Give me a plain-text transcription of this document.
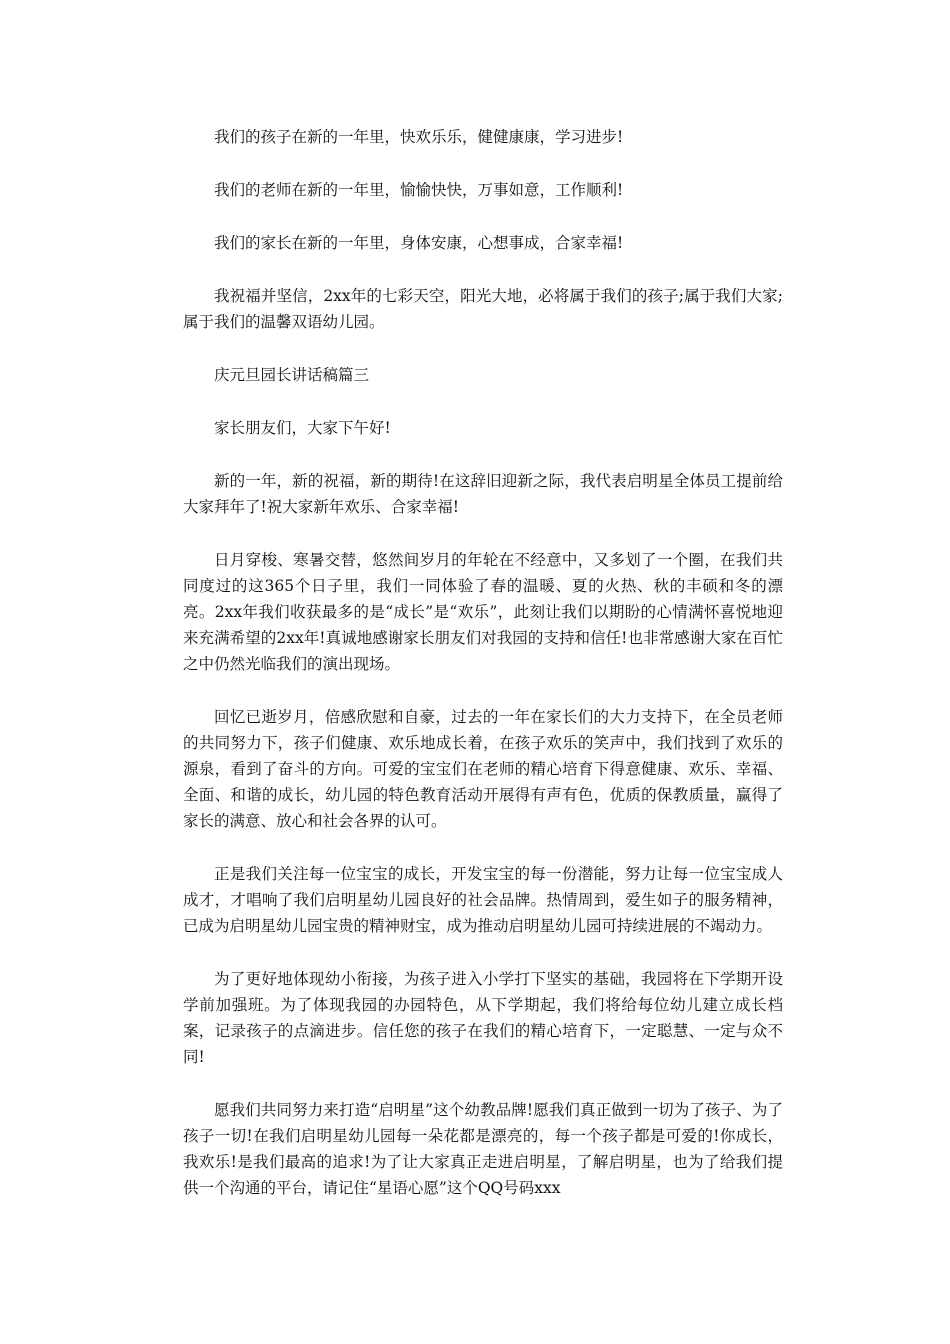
我们的孩子在新的一年里，快欢乐乐，健健康康，学习进步!

我们的老师在新的一年里，愉愉快快，万事如意，工作顺利!

我们的家长在新的一年里，身体安康，心想事成，合家幸福!

我祝福并坚信，2xx年的七彩天空，阳光大地，必将属于我们的孩子;属于我们大家;属于我们的温馨双语幼儿园。

庆元旦园长讲话稿篇三

家长朋友们，大家下午好!

新的一年，新的祝福，新的期待!在这辞旧迎新之际，我代表启明星全体员工提前给大家拜年了!祝大家新年欢乐、合家幸福!

日月穿梭、寒暑交替，悠然间岁月的年轮在不经意中，又多划了一个圈，在我们共同度过的这365个日子里，我们一同体验了春的温暖、夏的火热、秋的丰硕和冬的漂亮。2xx年我们收获最多的是“成长”是“欢乐”，此刻让我们以期盼的心情满怀喜悦地迎来充满希望的2xx年!真诚地感谢家长朋友们对我园的支持和信任!也非常感谢大家在百忙之中仍然光临我们的演出现场。

回忆已逝岁月，倍感欣慰和自豪，过去的一年在家长们的大力支持下，在全员老师的共同努力下，孩子们健康、欢乐地成长着，在孩子欢乐的笑声中，我们找到了欢乐的源泉，看到了奋斗的方向。可爱的宝宝们在老师的精心培育下得意健康、欢乐、幸福、全面、和谐的成长，幼儿园的特色教育活动开展得有声有色，优质的保教质量，赢得了家长的满意、放心和社会各界的认可。

正是我们关注每一位宝宝的成长，开发宝宝的每一份潜能，努力让每一位宝宝成人成才，才唱响了我们启明星幼儿园良好的社会品牌。热情周到，爱生如子的服务精神，已成为启明星幼儿园宝贵的精神财宝，成为推动启明星幼儿园可持续进展的不竭动力。

为了更好地体现幼小衔接，为孩子进入小学打下坚实的基础，我园将在下学期开设学前加强班。为了体现我园的办园特色，从下学期起，我们将给每位幼儿建立成长档案，记录孩子的点滴进步。信任您的孩子在我们的精心培育下，一定聪慧、一定与众不同!

愿我们共同努力来打造“启明星”这个幼教品牌!愿我们真正做到一切为了孩子、为了孩子一切!在我们启明星幼儿园每一朵花都是漂亮的，每一个孩子都是可爱的!你成长，我欢乐!是我们最高的追求!为了让大家真正走进启明星，了解启明星，也为了给我们提供一个沟通的平台，请记住“星语心愿”这个QQ号码xxx
